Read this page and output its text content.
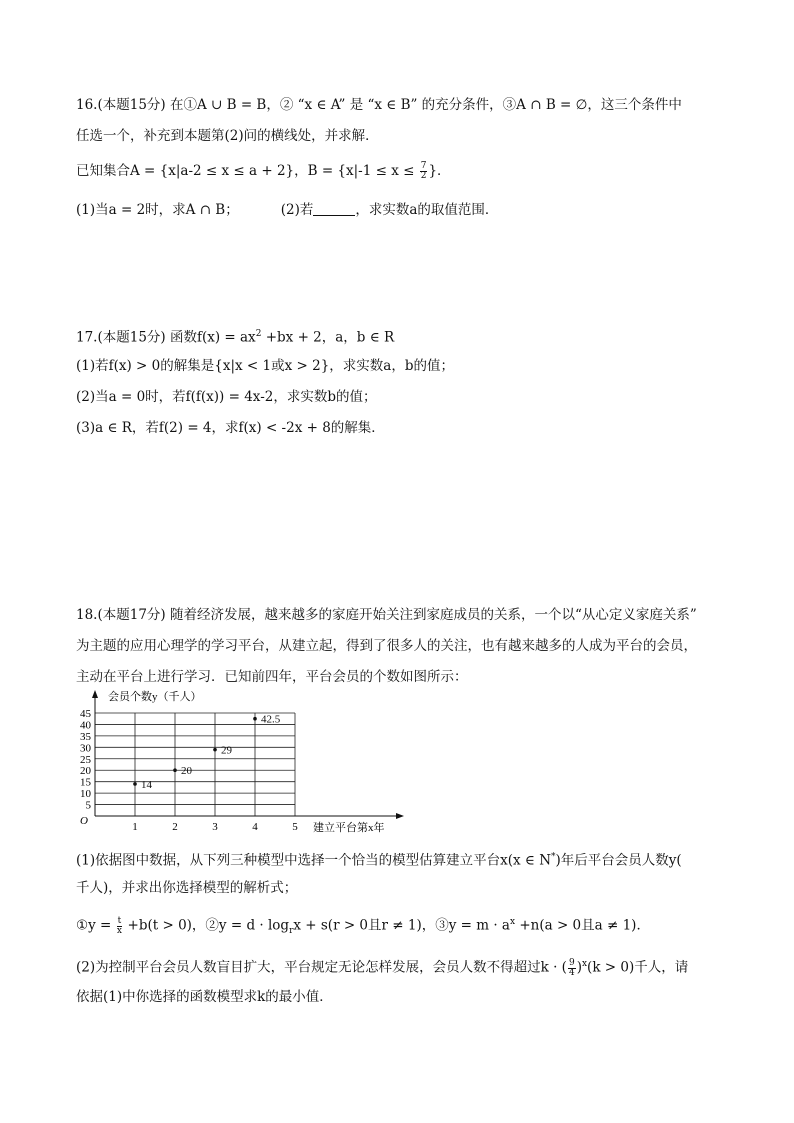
16.(本题15分) 在①A ∪ B = B，② “x ∈ A” 是 “x ∈ B” 的充分条件，③A ∩ B = ∅，这三个条件中
任选一个，补充到本题第(2)问的横线处，并求解．
已知集合A = {x|a-2 ≤ x ≤ a + 2}，$B = \{x|-1 \le x \le \frac{7}{2}$ }．
(1)当a = 2时，求A ∩ B；	(2)若	，求实数a的取值范围．
17.(本题15分) 函数$f(x) = ax^2 +bx + 2$，a，b ∈ R
(1)若f(x) > 0的解集是{x|x < 1或x > 2}，求实数a，b的值；
(2)当a = 0时，若f(f(x)) = 4x-2，求实数b的值；
(3)a ∈ R，若f(2) = 4，求f(x) < -2x + 8的解集．
18.(本题17分) 随着经济发展，越来越多的家庭开始关注到家庭成员的关系，一个以“从心定义家庭关系”
为主题的应用心理学的学习平台，从建立起，得到了很多人的关注，也有越来越多的人成为平台的会员，
主动在平台上进行学习．已知前四年，平台会员的个数如图所示：
5
10
15
20
25
30
35
40
45
1	2	3	4	5
14
20
29
42.5
会员个数y（千人）
建立平台第x年
O
(1)依据图中数据，从下列三种模型中选择一个恰当的模型估算建立平台x(x ∈ N*)年后平台会员人数y(
千人)，并求出你选择模型的解析式；
①y = $\frac{t}{x} +b(t > 0)$，②y = $d \cdot \log_rx + s(r > 0$且r ≠ 1)，③y = $m \cdot a^x +n(a > 0$且a ≠ 1)．
(2)为控制平台会员人数盲目扩大，平台规定无论怎样发展，会员人数不得超过k · ( $\frac{9}{4} )^x(k > 0)$千人，请
依据(1)中你选择的函数模型求k的最小值．
